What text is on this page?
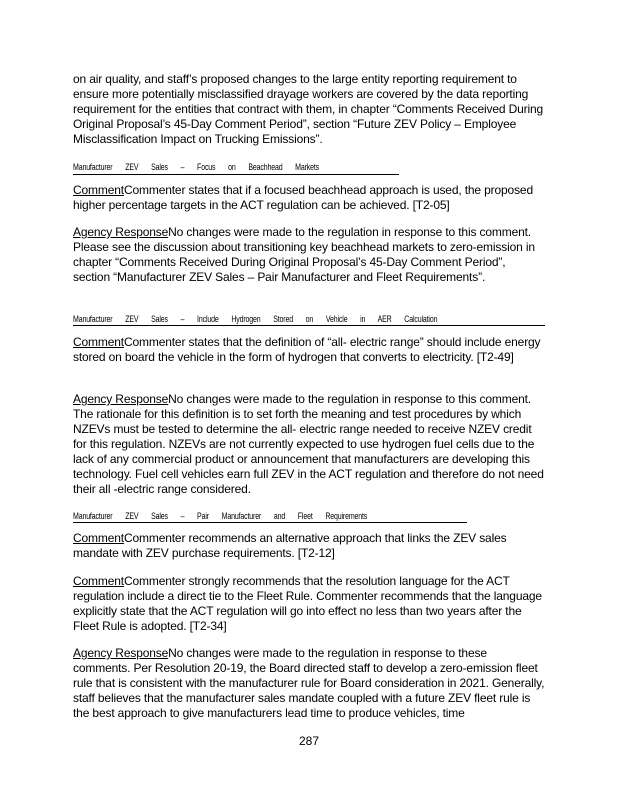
on air quality, and staff’s proposed changes to the large entity reporting requirement to ensure more potentially misclassified drayage workers are covered by the data reporting requirement for the entities that contract with them, in chapter “Comments Received During Original Proposal’s 45-Day Comment Period”, section “Future ZEV Policy – Employee Misclassification Impact on Trucking Emissions”.

Manufacturer ZEV Sales – Focus on Beachhead Markets

CommentCommenter states that if a focused beachhead approach is used, the proposed higher percentage targets in the ACT regulation can be achieved. [T2-05]

Agency ResponseNo changes were made to the regulation in response to this comment. Please see the discussion about transitioning key beachhead markets to zero-emission in chapter “Comments Received During Original Proposal’s 45-Day Comment Period”, section “Manufacturer ZEV Sales – Pair Manufacturer and Fleet Requirements”.

Manufacturer ZEV Sales – Include Hydrogen Stored on Vehicle in AER Calculation

CommentCommenter states that the definition of “all- electric range” should include energy stored on board the vehicle in the form of hydrogen that converts to electricity. [T2-49]

Agency ResponseNo changes were made to the regulation in response to this comment. The rationale for this definition is to set forth the meaning and test procedures by which NZEVs must be tested to determine the all- electric range needed to receive NZEV credit for this regulation. NZEVs are not currently expected to use hydrogen fuel cells due to the lack of any commercial product or announcement that manufacturers are developing this technology. Fuel cell vehicles earn full ZEV in the ACT regulation and therefore do not need their all -electric range considered.

Manufacturer ZEV Sales – Pair Manufacturer and Fleet Requirements

CommentCommenter recommends an alternative approach that links the ZEV sales mandate with ZEV purchase requirements. [T2-12]

CommentCommenter strongly recommends that the resolution language for the ACT regulation include a direct tie to the Fleet Rule. Commenter recommends that the language explicitly state that the ACT regulation will go into effect no less than two years after the Fleet Rule is adopted. [T2-34]

Agency ResponseNo changes were made to the regulation in response to these comments. Per Resolution 20-19, the Board directed staff to develop a zero-emission fleet rule that is consistent with the manufacturer rule for Board consideration in 2021. Generally, staff believes that the manufacturer sales mandate coupled with a future ZEV fleet rule is the best approach to give manufacturers lead time to produce vehicles, time

287
